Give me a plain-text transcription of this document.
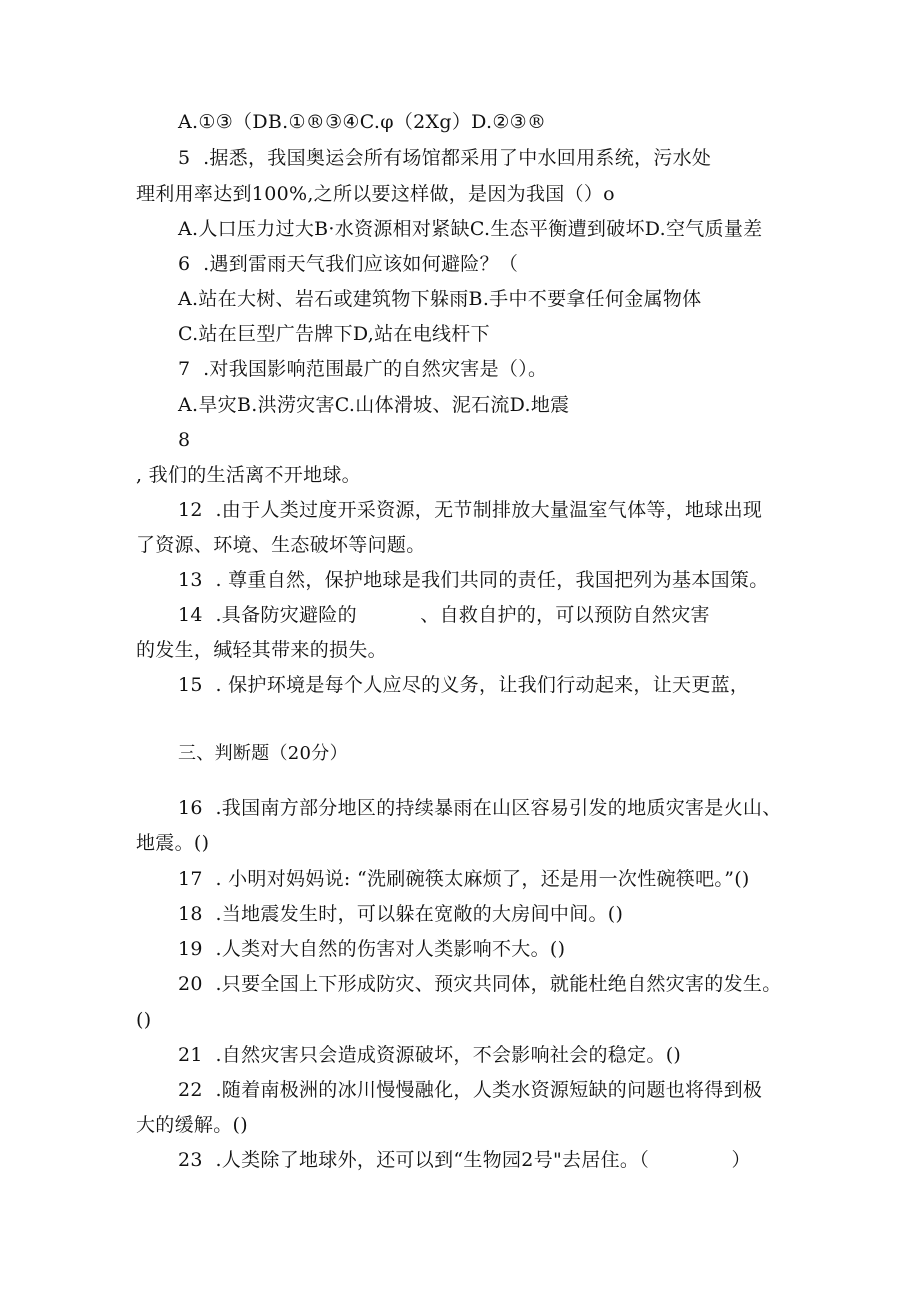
A.①③（DB.①®③④C.φ（2Xg）D.②③®
5  .据悉，我国奥运会所有场馆都采用了中水回用系统，污水处
理利用率达到100%,之所以要这样做，是因为我国（）o
A.人口压力过大B·水资源相对紧缺C.生态平衡遭到破坏D.空气质量差
6  .遇到雷雨天气我们应该如何避险？（
A.站在大树、岩石或建筑物下躲雨B.手中不要拿任何金属物体
C.站在巨型广告牌下D,站在电线杆下
7  .对我国影响范围最广的自然灾害是（）。
A.旱灾B.洪涝灾害C.山体滑坡、泥石流D.地震
8
, 我们的生活离不开地球。
12  .由于人类过度开采资源，无节制排放大量温室气体等，地球出现
了资源、环境、生态破坏等问题。
13  . 尊重自然，保护地球是我们共同的责任，我国把列为基本国策。
14  .具备防灾避险的          、自救自护的，可以预防自然灾害
的发生，缄轻其带来的损失。
15  . 保护环境是每个人应尽的义务，让我们行动起来，让天更蓝，
三、判断题（20分）
16  .我国南方部分地区的持续暴雨在山区容易引发的地质灾害是火山、
地震。()
17  . 小明对妈妈说: “洗刷碗筷太麻烦了，还是用一次性碗筷吧。”()
18  .当地震发生时，可以躲在宽敞的大房间中间。()
19  .人类对大自然的伤害对人类影响不大。()
20  .只要全国上下形成防灾、预灾共同体，就能杜绝自然灾害的发生。
()
21  .自然灾害只会造成资源破坏，不会影响社会的稳定。()
22  .随着南极洲的冰川慢慢融化，人类水资源短缺的问题也将得到极
大的缓解。()
23  .人类除了地球外，还可以到“生物园2号"去居住。（             ）
